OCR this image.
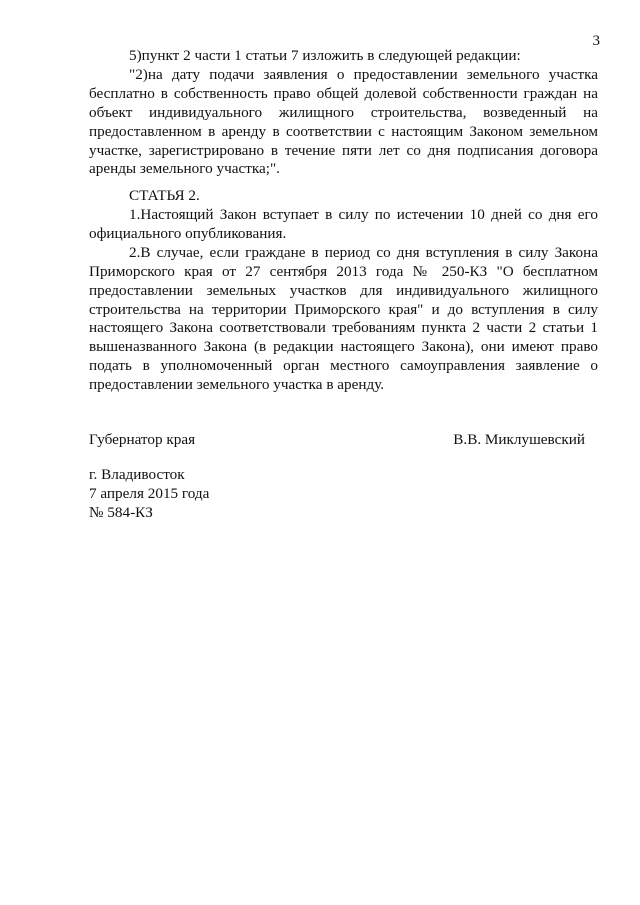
3

5)пункт 2 части 1 статьи 7 изложить в следующей редакции:

"2)на дату подачи заявления о предоставлении земельного участка бесплатно в собственность право общей долевой собственности граждан на объект индивидуального жилищного строительства, возведенный на предоставленном в аренду в соответствии с настоящим Законом земельном участке, зарегистрировано в течение пяти лет со дня подписания договора аренды земельного участка;".

СТАТЬЯ 2.

1.Настоящий Закон вступает в силу по истечении 10 дней со дня его официального опубликования.

2.В случае, если граждане в период со дня вступления в силу Закона Приморского края от 27 сентября 2013 года № 250-КЗ "О бесплатном предоставлении земельных участков для индивидуального жилищного строительства на территории Приморского края" и до вступления в силу настоящего Закона соответствовали требованиям пункта 2 части 2 статьи 1 вышеназванного Закона (в редакции настоящего Закона), они имеют право подать в уполномоченный орган местного самоуправления заявление о предоставлении земельного участка в аренду.

Губернатор края	В.В. Миклушевский
г. Владивосток
7 апреля 2015 года
№ 584-КЗ
